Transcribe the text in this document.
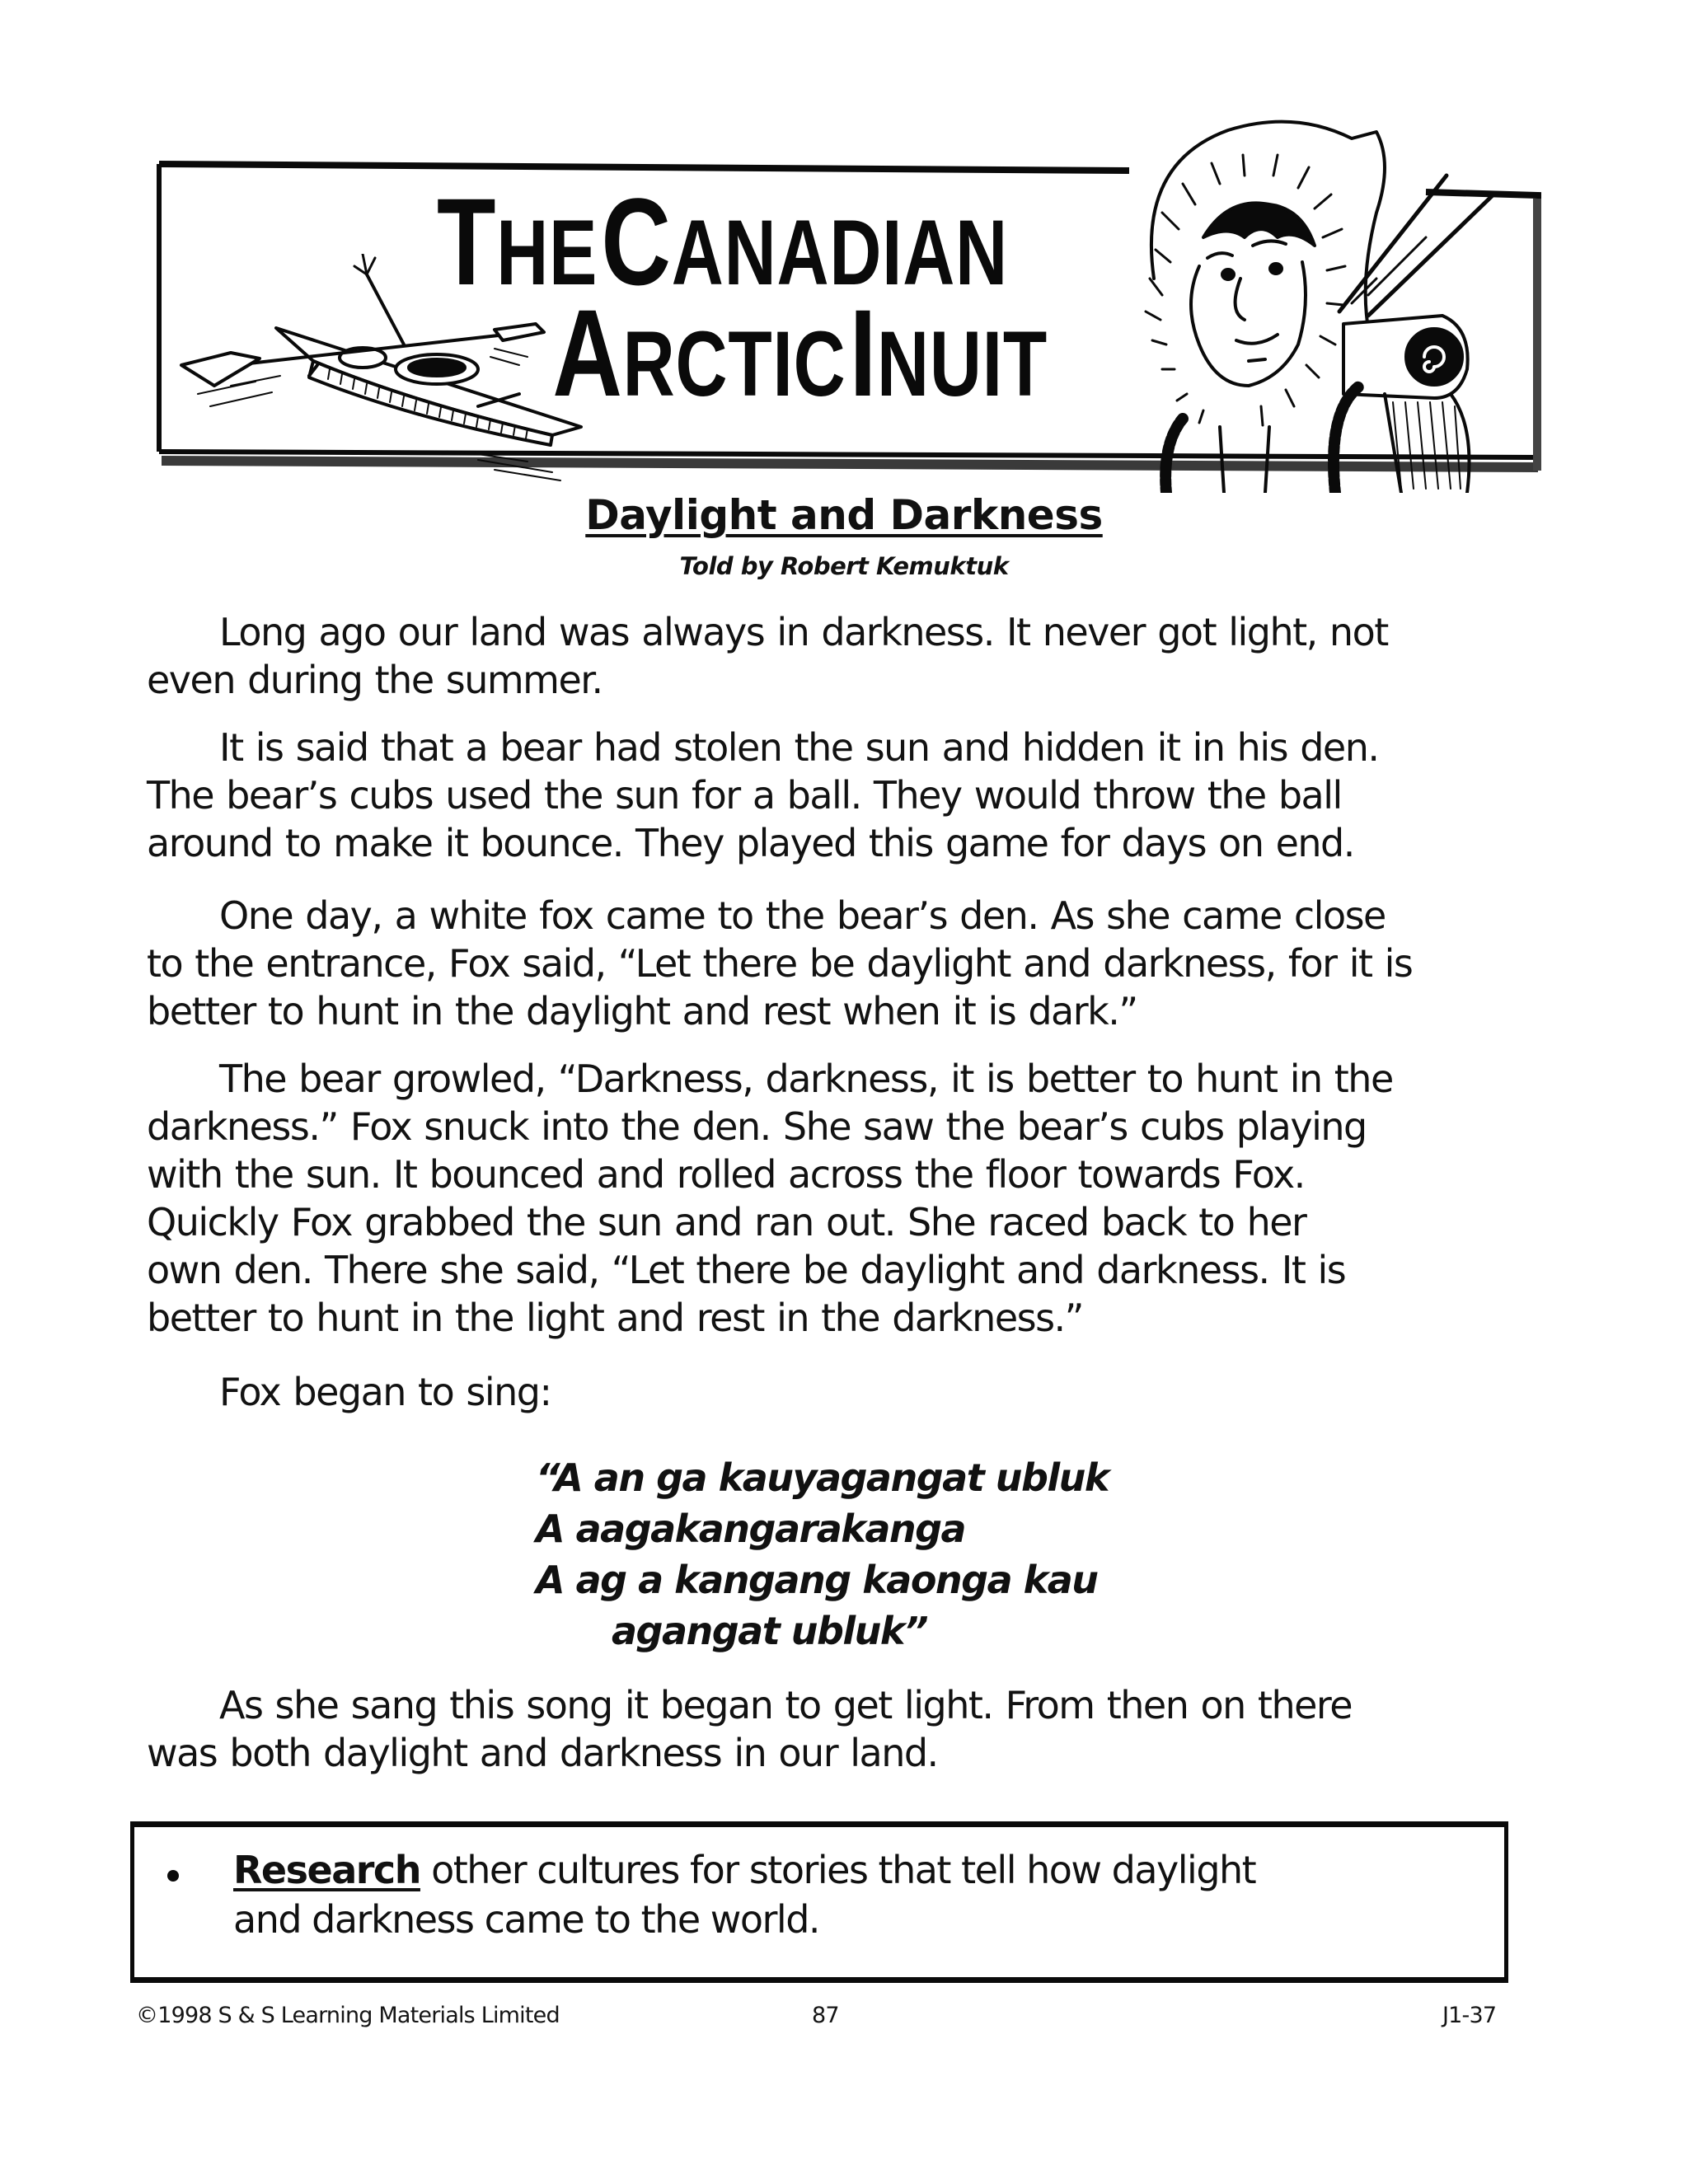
THE CANADIAN
ARCTIC INUIT
Daylight and Darkness
Told by Robert Kemuktuk
Long ago our land was always in darkness. It never got light, not
even during the summer.
It is said that a bear had stolen the sun and hidden it in his den.
The bear’s cubs used the sun for a ball. They would throw the ball
around to make it bounce. They played this game for days on end.
One day, a white fox came to the bear’s den. As she came close
to the entrance, Fox said, “Let there be daylight and darkness, for it is
better to hunt in the daylight and rest when it is dark.”
The bear growled, “Darkness, darkness, it is better to hunt in the
darkness.” Fox snuck into the den. She saw the bear’s cubs playing
with the sun. It bounced and rolled across the floor towards Fox.
Quickly Fox grabbed the sun and ran out. She raced back to her
own den. There she said, “Let there be daylight and darkness. It is
better to hunt in the light and rest in the darkness.”
Fox began to sing:
As she sang this song it began to get light. From then on there
was both daylight and darkness in our land.
“A an ga kauyagangat ubluk
A aagakangarakanga
A ag a kangang kaonga kau
agangat ubluk”
Research other cultures for stories that tell how daylight
and darkness came to the world.
©1998 S & S Learning Materials Limited	87	J1-37
